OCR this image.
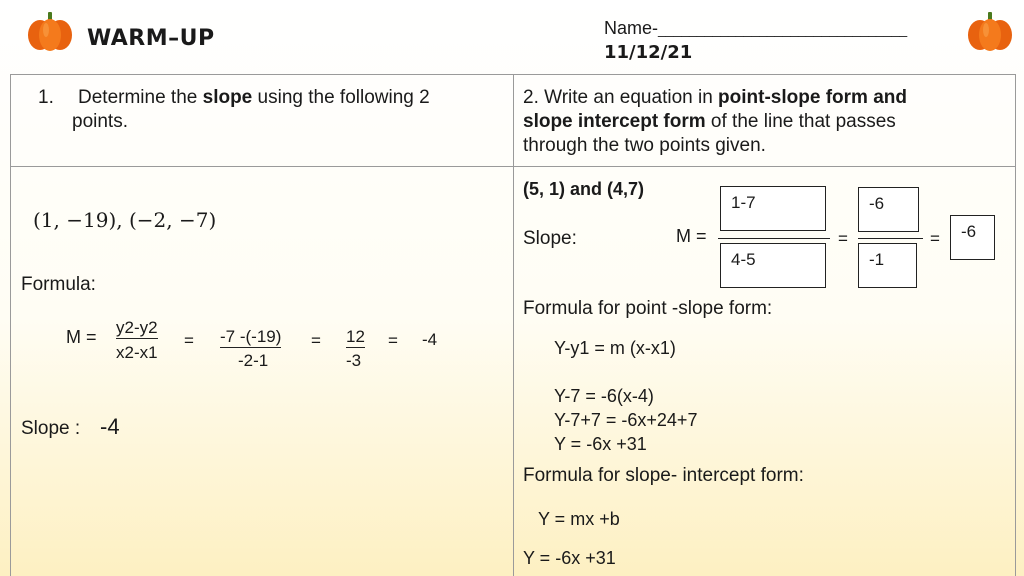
WARM–UP	Name-________________________________
11/12/21
1. Determine the slope using the following 2
points.
2. Write an equation in point-slope form and
slope intercept form of the line that passes
through the two points given.
(1, −19), (−2, −7)
Formula:
M = y2-y2
x2-x1
= -7 -(-19)
-2-1
= 12
-3
= -4
Slope : -4
(5, 1) and (4,7)
Slope:	M =
1-7
4-5
=
-6
-1
=	-6
Formula for point -slope form:
Y-y1 = m (x-x1)
Y-7 = -6(x-4)
Y-7+7 = -6x+24+7
Y = -6x +31
Formula for slope- intercept form:
Y = mx +b
Y = -6x +31
